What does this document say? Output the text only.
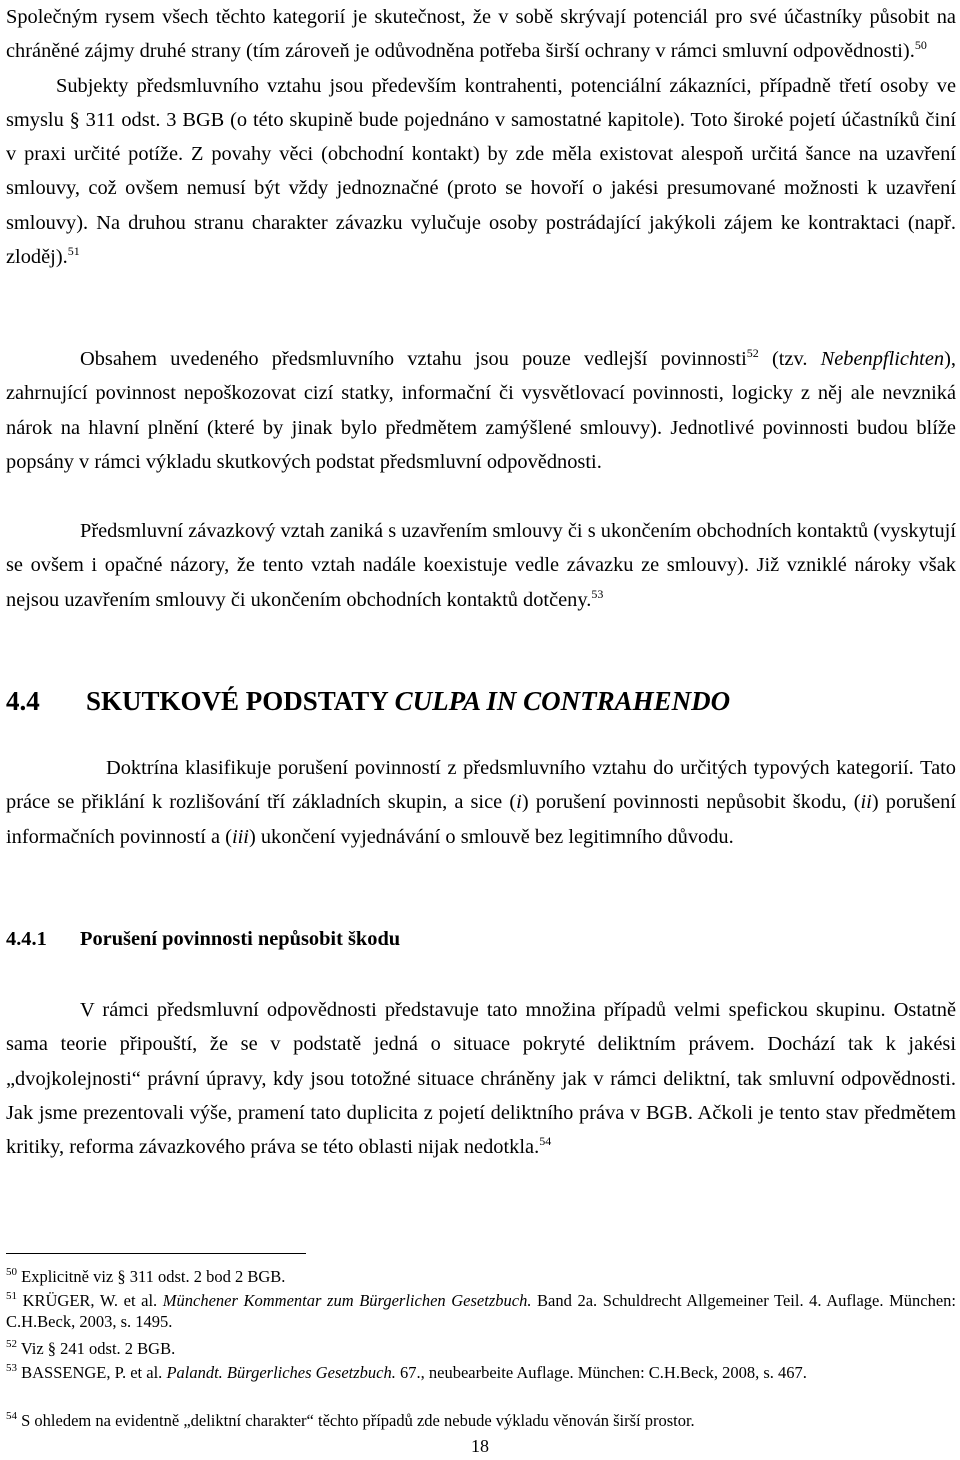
Společným rysem všech těchto kategorií je skutečnost, že v sobě skrývají potenciál pro své účastníky působit na chráněné zájmy druhé strany (tím zároveň je odůvodněna potřeba širší ochrany v rámci smluvní odpovědnosti).$^{50}$
Subjekty předsmluvního vztahu jsou především kontrahenti, potenciální zákazníci, případně třetí osoby ve smyslu § 311 odst. 3 BGB (o této skupině bude pojednáno v samostatné kapitole). Toto široké pojetí účastníků činí v praxi určité potíže. Z povahy věci (obchodní kontakt) by zde měla existovat alespoň určitá šance na uzavření smlouvy, což ovšem nemusí být vždy jednoznačné (proto se hovoří o jakési presumované možnosti k uzavření smlouvy). Na druhou stranu charakter závazku vylučuje osoby postrádající jakýkoli zájem ke kontraktaci (např. zloděj).$^{51}$

Obsahem uvedeného předsmluvního vztahu jsou pouze vedlejší povinnosti$^{52}$ (tzv. Nebenpflichten), zahrnující povinnost nepoškozovat cizí statky, informační či vysvětlovací povinnosti, logicky z něj ale nevzniká nárok na hlavní plnění (které by jinak bylo předmětem zamýšlené smlouvy). Jednotlivé povinnosti budou blíže popsány v rámci výkladu skutkových podstat předsmluvní odpovědnosti.

Předsmluvní závazkový vztah zaniká s uzavřením smlouvy či s ukončením obchodních kontaktů (vyskytují se ovšem i opačné názory, že tento vztah nadále koexistuje vedle závazku ze smlouvy). Již vzniklé nároky však nejsou uzavřením smlouvy či ukončením obchodních kontaktů dotčeny.$^{53}$

4.4 SKUTKOVÉ PODSTATY CULPA IN CONTRAHENDO

Doktrína klasifikuje porušení povinností z předsmluvního vztahu do určitých typových kategorií. Tato práce se přiklání k rozlišování tří základních skupin, a sice (i) porušení povinnosti nepůsobit škodu, (ii) porušení informačních povinností a (iii) ukončení vyjednávání o smlouvě bez legitimního důvodu.

4.4.1 Porušení povinnosti nepůsobit škodu

V rámci předsmluvní odpovědnosti představuje tato množina případů velmi speficko​u skupinu. Ostatně sama teorie připouští, že se v podstatě jedná o situace pokryté deliktním právem. Dochází tak k jakési „dvojkolejnosti“ právní úpravy, kdy jsou totožné situace chráněny jak v rámci deliktní, tak smluvní odpovědnosti. Jak jsme prezentovali výše, pramení tato duplicita z pojetí deliktního práva v BGB. Ačkoli je tento stav předmětem kritiky, reforma závazkového práva se této oblasti nijak nedotkla.$^{54}$

$^{50}$ Explicitně viz § 311 odst. 2 bod 2 BGB.

$^{51}$ KRÜGER, W. et al. Münchener Kommentar zum Bürgerlichen Gesetzbuch. Band 2a. Schuldrecht Allgemeiner Teil. 4. Auflage. München: C.H.Beck, 2003, s. 1495.

$^{52}$ Viz § 241 odst. 2 BGB.

$^{53}$ BASSENGE, P. et al. Palandt. Bürgerliches Gesetzbuch. 67., neubearbeite Auflage. München: C.H.Beck, 2008, s. 467.

$^{54}$ S ohledem na evidentně „deliktní charakter“ těchto případů zde nebude výkladu věnován širší prostor.

18
